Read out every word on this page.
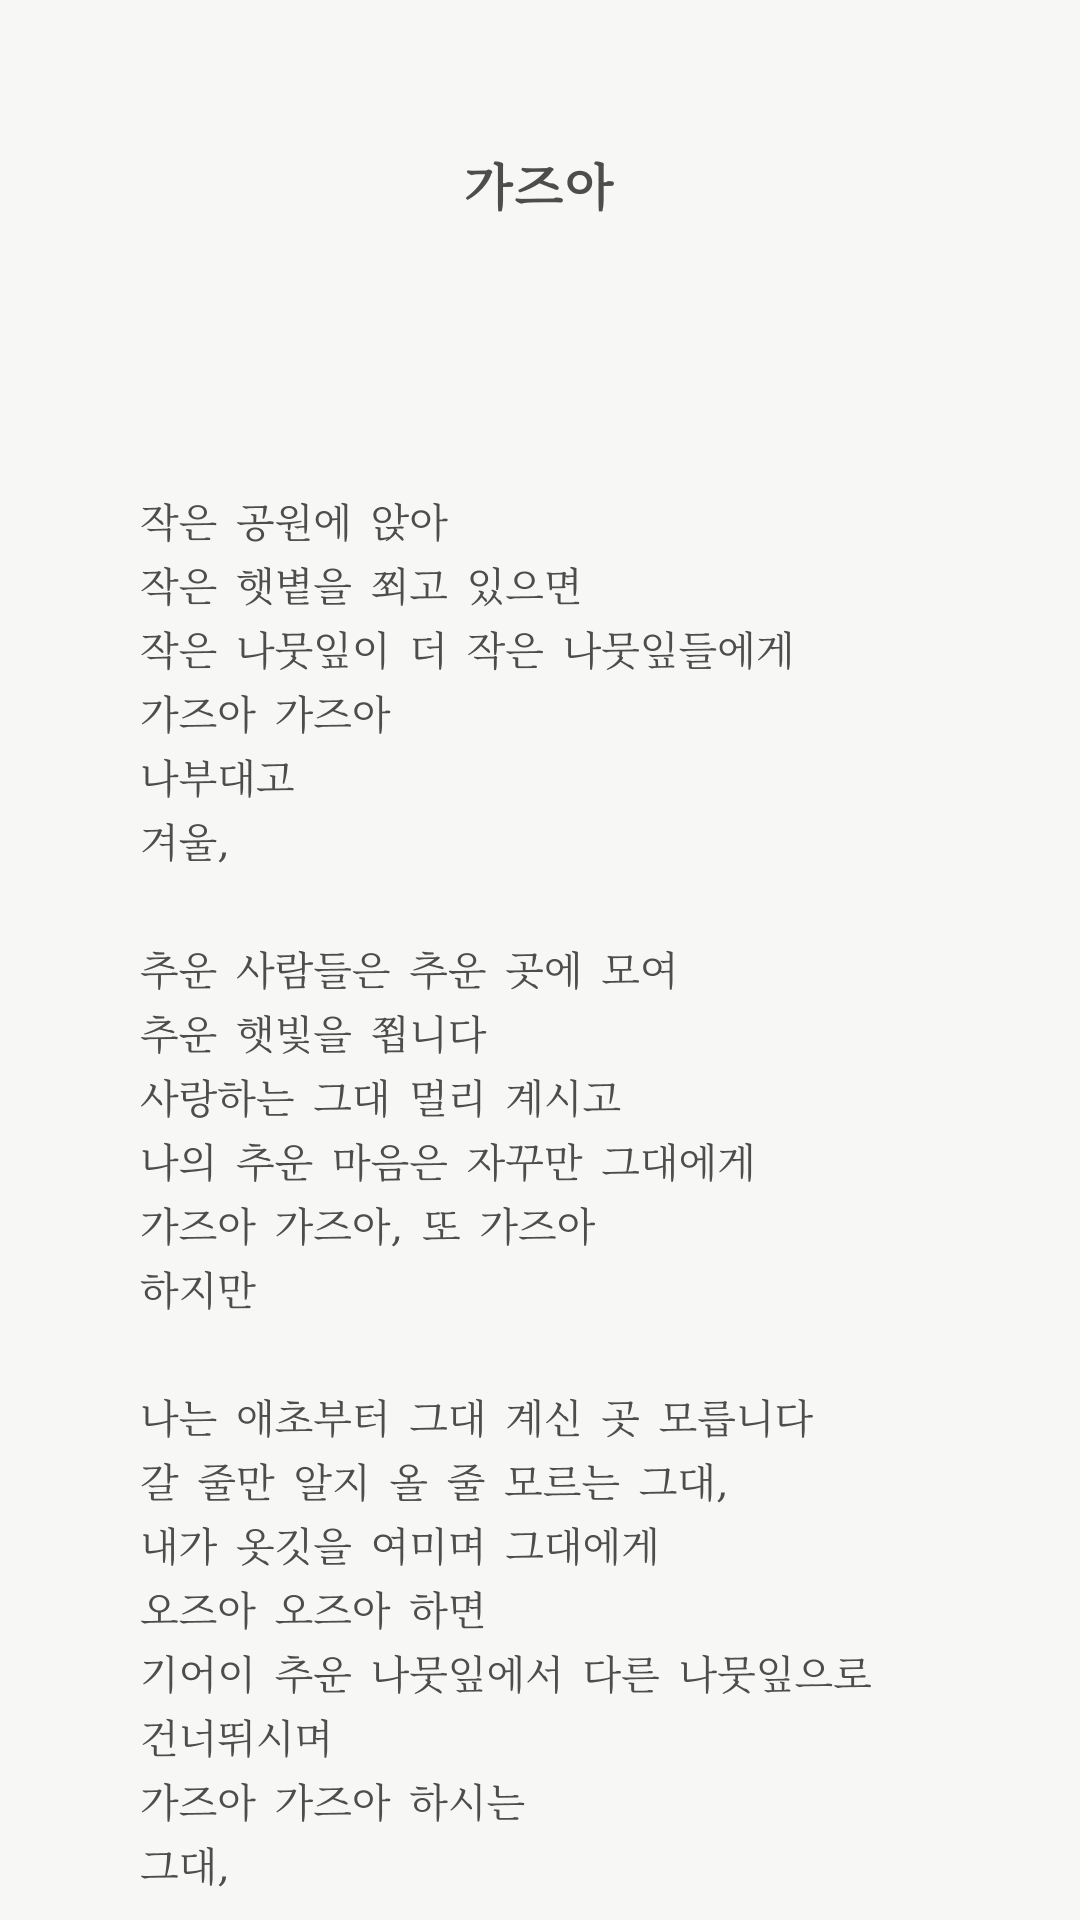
가즈아
작은 공원에 앉아
작은 햇볕을 쬐고 있으면
작은 나뭇잎이 더 작은 나뭇잎들에게
가즈아 가즈아
나부대고
겨울,
추운 사람들은 추운 곳에 모여
추운 햇빛을 쬡니다
사랑하는 그대 멀리 계시고
나의 추운 마음은 자꾸만 그대에게
가즈아 가즈아, 또 가즈아
하지만
나는 애초부터 그대 계신 곳 모릅니다
갈 줄만 알지 올 줄 모르는 그대,
내가 옷깃을 여미며 그대에게
오즈아 오즈아 하면
기어이 추운 나뭇잎에서 다른 나뭇잎으로
건너뛰시며
가즈아 가즈아 하시는
그대,
